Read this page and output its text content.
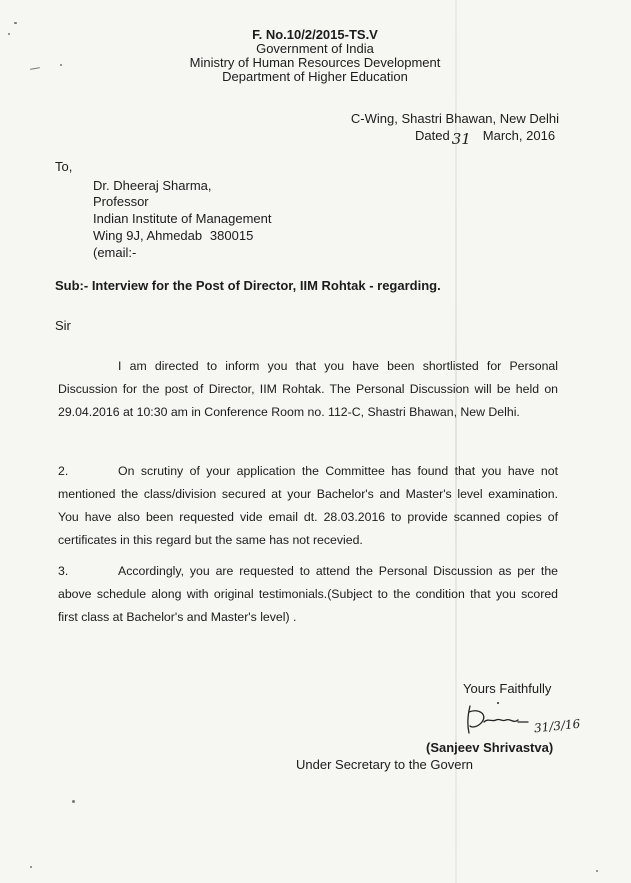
F. No.10/2/2015-TS.V
Government of India
Ministry of Human Resources Development
Department of Higher Education
C-Wing, Shastri Bhawan, New Delhi
Dated 31 March, 2016
To,
Dr. Dheeraj Sharma,
Professor
Indian Institute of Management
Wing 9J, Ahmedab   380015
(email:-
Sub:- Interview for the Post of Director, IIM Rohtak - regarding.
Sir
I am directed to inform you that you have been shortlisted for Personal Discussion for the post of Director, IIM Rohtak. The Personal Discussion will be held on 29.04.2016 at 10:30 am in Conference Room no. 112-C, Shastri Bhawan, New Delhi.
2.	On scrutiny of your application the Committee has found that you have not mentioned the class/division secured at your Bachelor's and Master's level examination. You have also been requested vide email dt. 28.03.2016 to provide scanned copies of certificates in this regard but the same has not recevied.
3.	Accordingly, you are requested to attend the Personal Discussion as per the above schedule along with original testimonials.(Subject to the condition that you scored first class at Bachelor's and Master's level) .
Yours Faithfully
31/3/16
(Sanjeev Shrivastva)
Under Secretary to the Govern
